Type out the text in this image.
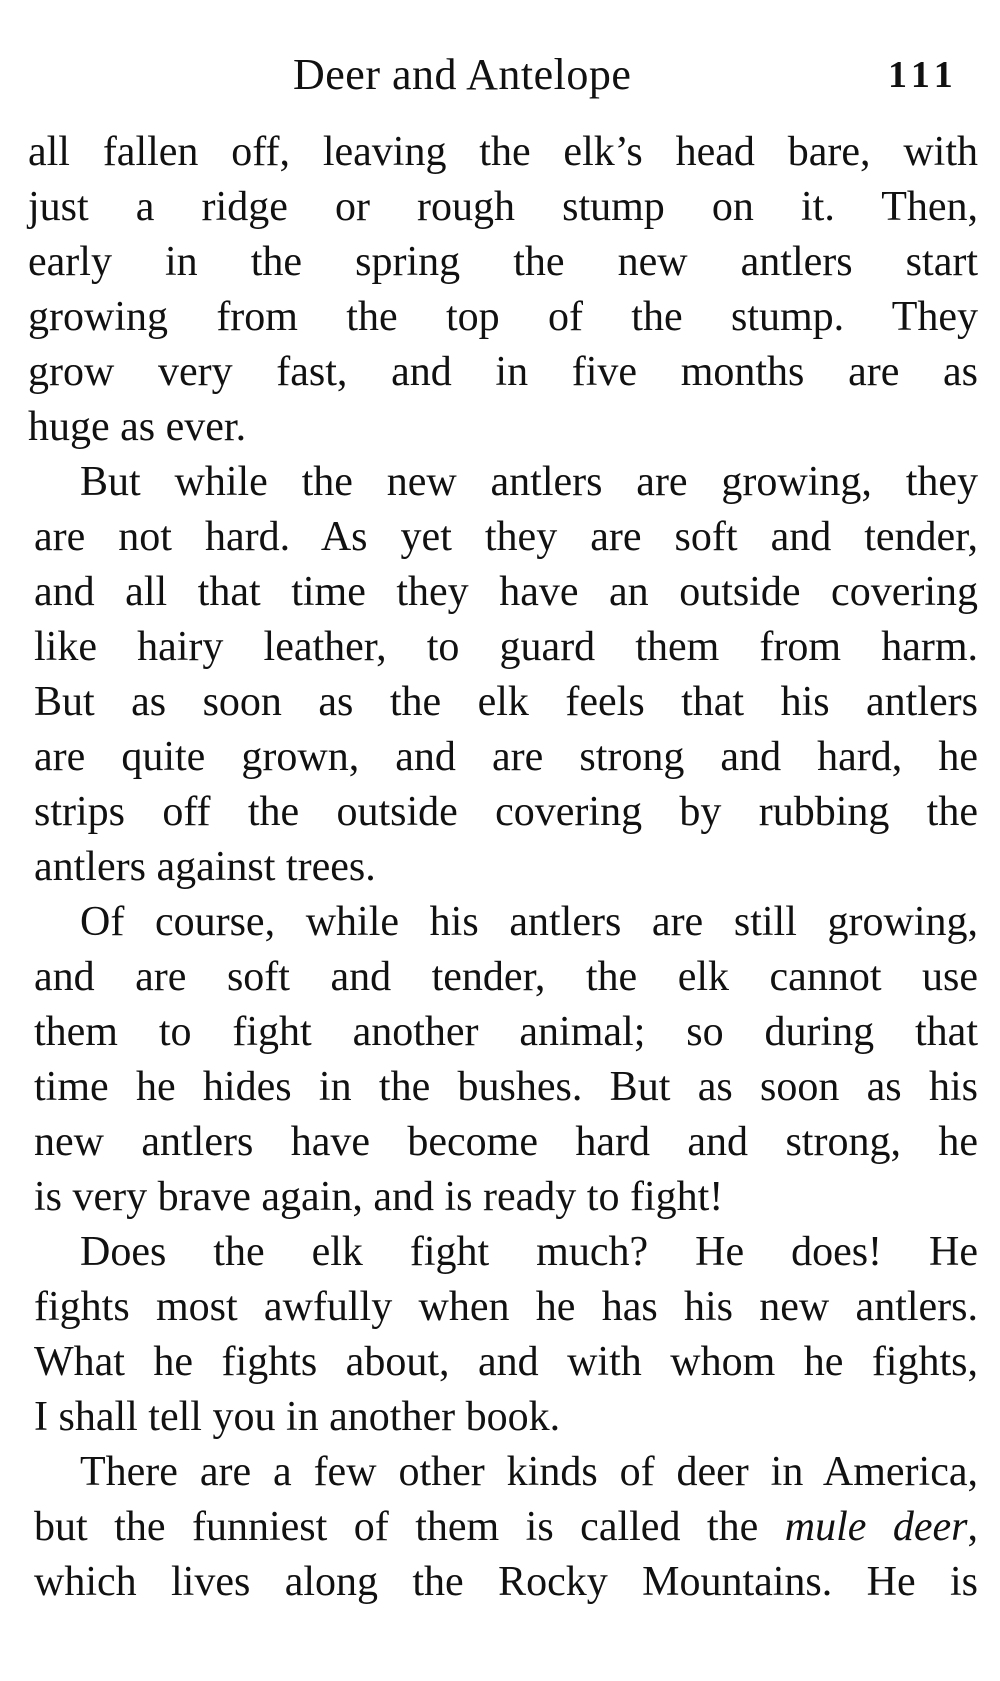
Deer and Antelope	111
all fallen off, leaving the elk’s head bare, with
just a ridge or rough stump on it. Then,
early in the spring the new antlers start
growing from the top of the stump. They
grow very fast, and in five months are as
huge as ever.
But while the new antlers are growing, they
are not hard. As yet they are soft and tender,
and all that time they have an outside covering
like hairy leather, to guard them from harm.
But as soon as the elk feels that his antlers
are quite grown, and are strong and hard, he
strips off the outside covering by rubbing the
antlers against trees.
Of course, while his antlers are still growing,
and are soft and tender, the elk cannot use
them to fight another animal; so during that
time he hides in the bushes. But as soon as his
new antlers have become hard and strong, he
is very brave again, and is ready to fight!
Does the elk fight much? He does! He
fights most awfully when he has his new antlers.
What he fights about, and with whom he fights,
I shall tell you in another book.
There are a few other kinds of deer in America,
but the funniest of them is called the mule deer,
which lives along the Rocky Mountains. He is
